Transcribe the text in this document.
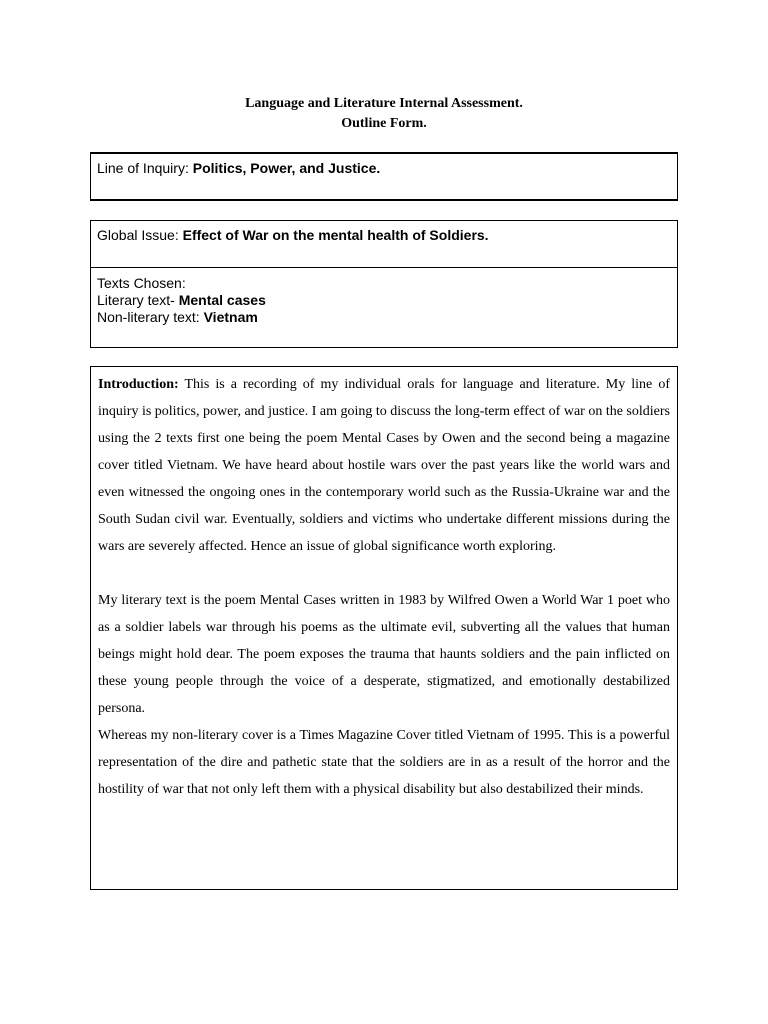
Language and Literature Internal Assessment.
Outline Form.
Line of Inquiry: Politics, Power, and Justice.
Global Issue: Effect of War on the mental health of Soldiers.
Texts Chosen:
Literary text- Mental cases
Non-literary text: Vietnam

Introduction: This is a recording of my individual orals for language and literature. My line of inquiry is politics, power, and justice. I am going to discuss the long-term effect of war on the soldiers using the 2 texts first one being the poem Mental Cases by Owen and the second being a magazine cover titled Vietnam. We have heard about hostile wars over the past years like the world wars and even witnessed the ongoing ones in the contemporary world such as the Russia-Ukraine war and the South Sudan civil war. Eventually, soldiers and victims who undertake different missions during the wars are severely affected. Hence an issue of global significance worth exploring.

My literary text is the poem Mental Cases written in 1983 by Wilfred Owen a World War 1 poet who as a soldier labels war through his poems as the ultimate evil, subverting all the values that human beings might hold dear. The poem exposes the trauma that haunts soldiers and the pain inflicted on these young people through the voice of a desperate, stigmatized, and emotionally destabilized persona.

Whereas my non-literary cover is a Times Magazine Cover titled Vietnam of 1995. This is a powerful representation of the dire and pathetic state that the soldiers are in as a result of the horror and the hostility of war that not only left them with a physical disability but also destabilized their minds.
